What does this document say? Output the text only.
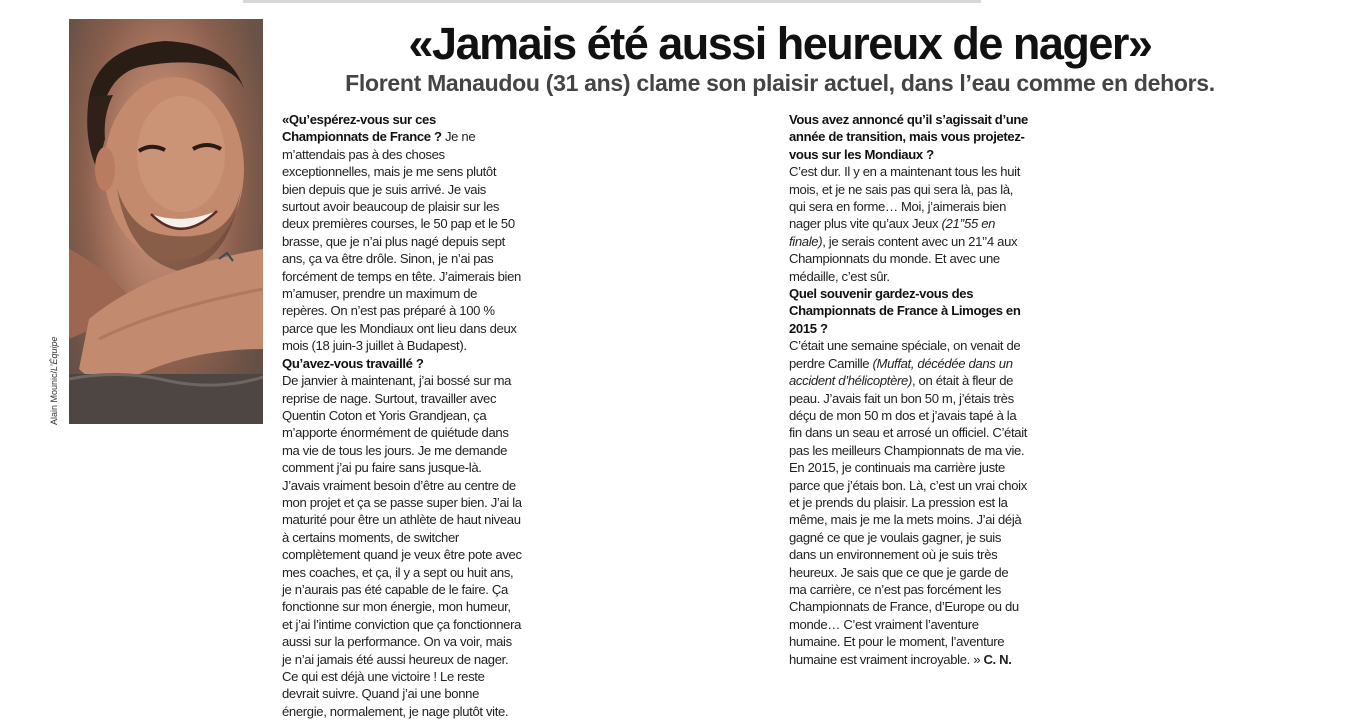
Alain Mounic/L’Équipe
«Jamais été aussi heureux de nager»
Florent Manaudou (31 ans) clame son plaisir actuel, dans l’eau comme en dehors.

«Qu’espérez-vous sur ces Championnats de France ? Je ne m’attendais pas à des choses exceptionnelles, mais je me sens plutôt bien depuis que je suis arrivé. Je vais surtout avoir beaucoup de plaisir sur les deux premières courses, le 50 pap et le 50 brasse, que je n’ai plus nagé depuis sept ans, ça va être drôle. Sinon, je n’ai pas forcément de temps en tête. J’aimerais bien m’amuser, prendre un maximum de repères. On n’est pas préparé à 100 % parce que les Mondiaux ont lieu dans deux mois (18 juin-3 juillet à Budapest).

Qu’avez-vous travaillé ?

De janvier à maintenant, j’ai bossé sur ma reprise de nage. Surtout, travailler avec Quentin Coton et Yoris Grandjean, ça m’apporte énormément de quiétude dans ma vie de tous les jours. Je me demande comment j’ai pu faire sans jusque-là. J’avais vraiment besoin d’être au centre de mon projet et ça se passe super bien. J’ai la maturité pour être un athlète de haut niveau à certains moments, de switcher complètement quand je veux être pote avec mes coaches, et ça, il y a sept ou huit ans, je n’aurais pas été capable de le faire. Ça fonctionne sur mon énergie, mon humeur, et j’ai l’intime conviction que ça fonctionnera aussi sur la performance. On va voir, mais je n’ai jamais été aussi heureux de nager. Ce qui est déjà une victoire ! Le reste devrait suivre. Quand j’ai une bonne énergie, normalement, je nage plutôt vite.

Vous avez annoncé qu’il s’agissait d’une année de transition, mais vous projetez-vous sur les Mondiaux ?

C’est dur. Il y en a maintenant tous les huit mois, et je ne sais pas qui sera là, pas là, qui sera en forme… Moi, j’aimerais bien nager plus vite qu’aux Jeux (21’’55 en finale), je serais content avec un 21’’4 aux Championnats du monde. Et avec une médaille, c’est sûr.

Quel souvenir gardez-vous des Championnats de France à Limoges en 2015 ?

C’était une semaine spéciale, on venait de perdre Camille (Muffat, décédée dans un accident d’hélicoptère), on était à fleur de peau. J’avais fait un bon 50 m, j’étais très déçu de mon 50 m dos et j’avais tapé à la fin dans un seau et arrosé un officiel. C’était pas les meilleurs Championnats de ma vie. En 2015, je continuais ma carrière juste parce que j’étais bon. Là, c’est un vrai choix et je prends du plaisir. La pression est la même, mais je me la mets moins. J’ai déjà gagné ce que je voulais gagner, je suis dans un environnement où je suis très heureux. Je sais que ce que je garde de ma carrière, ce n’est pas forcément les Championnats de France, d’Europe ou du monde… C’est vraiment l’aventure humaine. Et pour le moment, l’aventure humaine est vraiment incroyable. » C. N.
